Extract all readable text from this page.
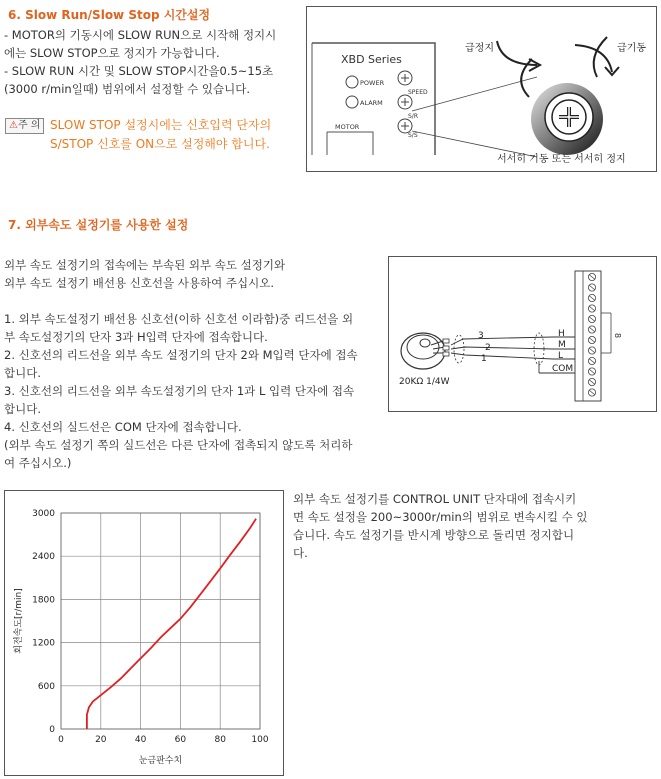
6. Slow Run/Slow Stop 시간설정
- MOTOR의 기동시에 SLOW RUN으로 시작해 정지시
에는 SLOW STOP으로 정지가 가능합니다.
- SLOW RUN 시간 및 SLOW STOP시간을0.5~15초
(3000 r/min일때) 범위에서 설정할 수 있습니다.
⚠주 의 SLOW STOP 설정시에는 신호입력 단자의
S/STOP 신호를 ON으로 설정해야 합니다.
XBD Series
POWER
ALARM
SPEED
S/R
S/S
MOTOR
급정지	급기동
서서히 기동 또는 서서히 정지
7. 외부속도 설정기를 사용한 설정
외부 속도 설정기의 접속에는 부속된 외부 속도 설정기와
외부 속도 설정기 배선용 신호선을 사용하여 주십시오.
1. 외부 속도설정기 배선용 신호선(이하 신호선 이라함)중 리드선을 외
부 속도설정기의 단자 3과 H입력 단자에 접속합니다.
2. 신호선의 리드선을 외부 속도 설정기의 단자 2와 M입력 단자에 접속
합니다.
3. 신호선의 리드선을 외부 속도설정기의 단자 1과 L 입력 단자에 접속
합니다.
4. 신호선의 실드선은 COM 단자에 접속합니다.
(외부 속도 설정기 쪽의 실드선은 다른 단자에 접촉되지 않도록 처리하
여 주십시오.)
8
H
M
L
COM
3
2
1
20KΩ 1/4W
0	20	40	60	80	100
0
600
1200
1800
2400
3000
눈금판수치
회전속도[r/min]
외부 속도 설정기를 CONTROL UNIT 단자대에 접속시키
면 속도 설정을 200~3000r/min의 범위로 변속시킬 수 있
습니다. 속도 설정기를 반시계 방향으로 돌리면 정지합니
다.
